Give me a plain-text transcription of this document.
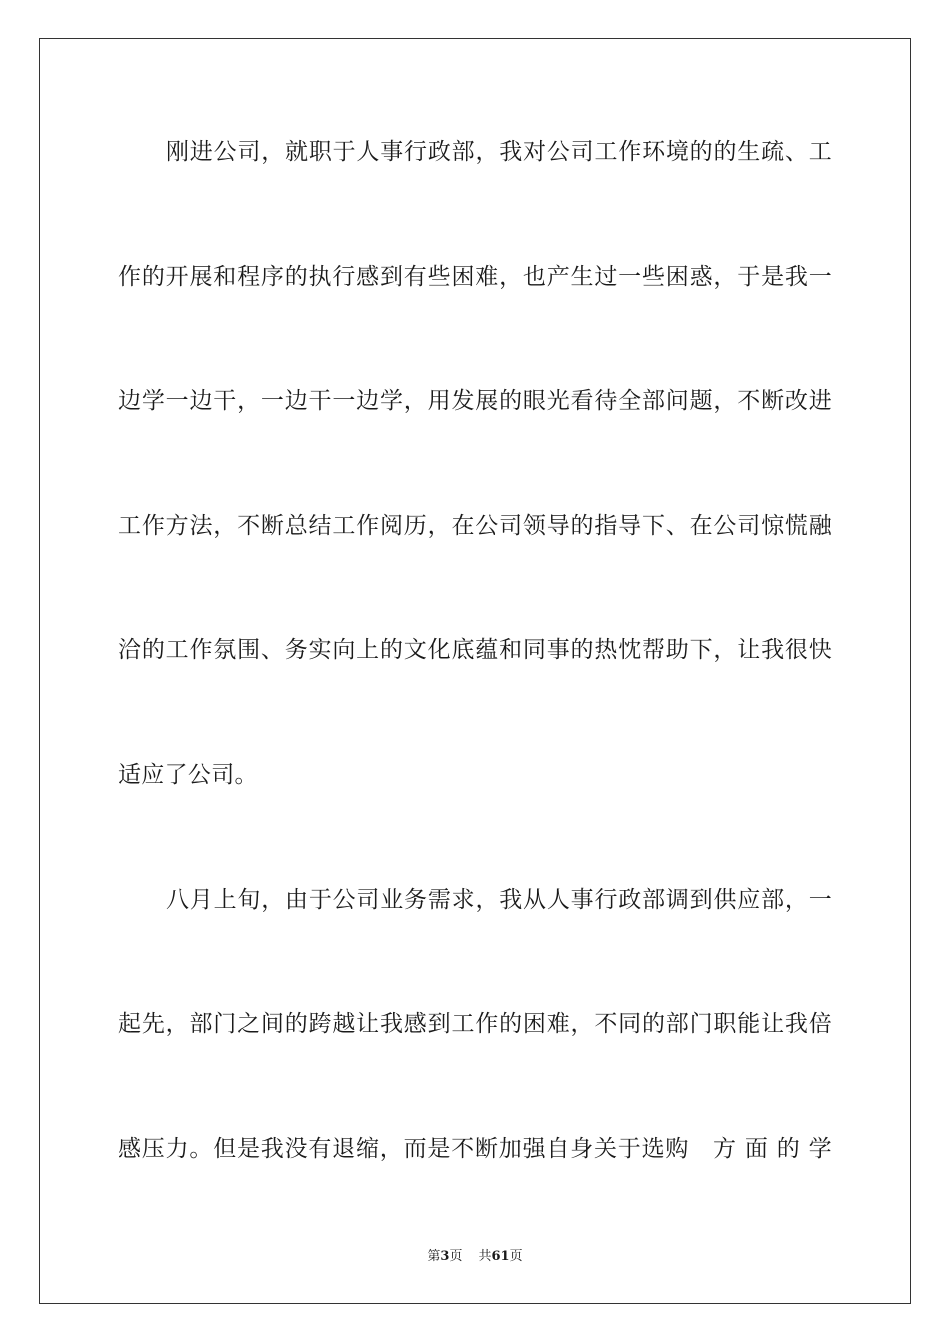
刚进公司，就职于人事行政部，我对公司工作环境的的生疏、工
作的开展和程序的执行感到有些困难，也产生过一些困惑，于是我一
边学一边干，一边干一边学，用发展的眼光看待全部问题，不断改进
工作方法，不断总结工作阅历，在公司领导的指导下、在公司惊慌融
洽的工作氛围、务实向上的文化底蕴和同事的热忱帮助下，让我很快
适应了公司。
八月上旬，由于公司业务需求，我从人事行政部调到供应部，一
起先，部门之间的跨越让我感到工作的困难，不同的部门职能让我倍
感压力。但是我没有退缩，而是不断加强自身关于选购　方 面 的 学
第3页 共61页
